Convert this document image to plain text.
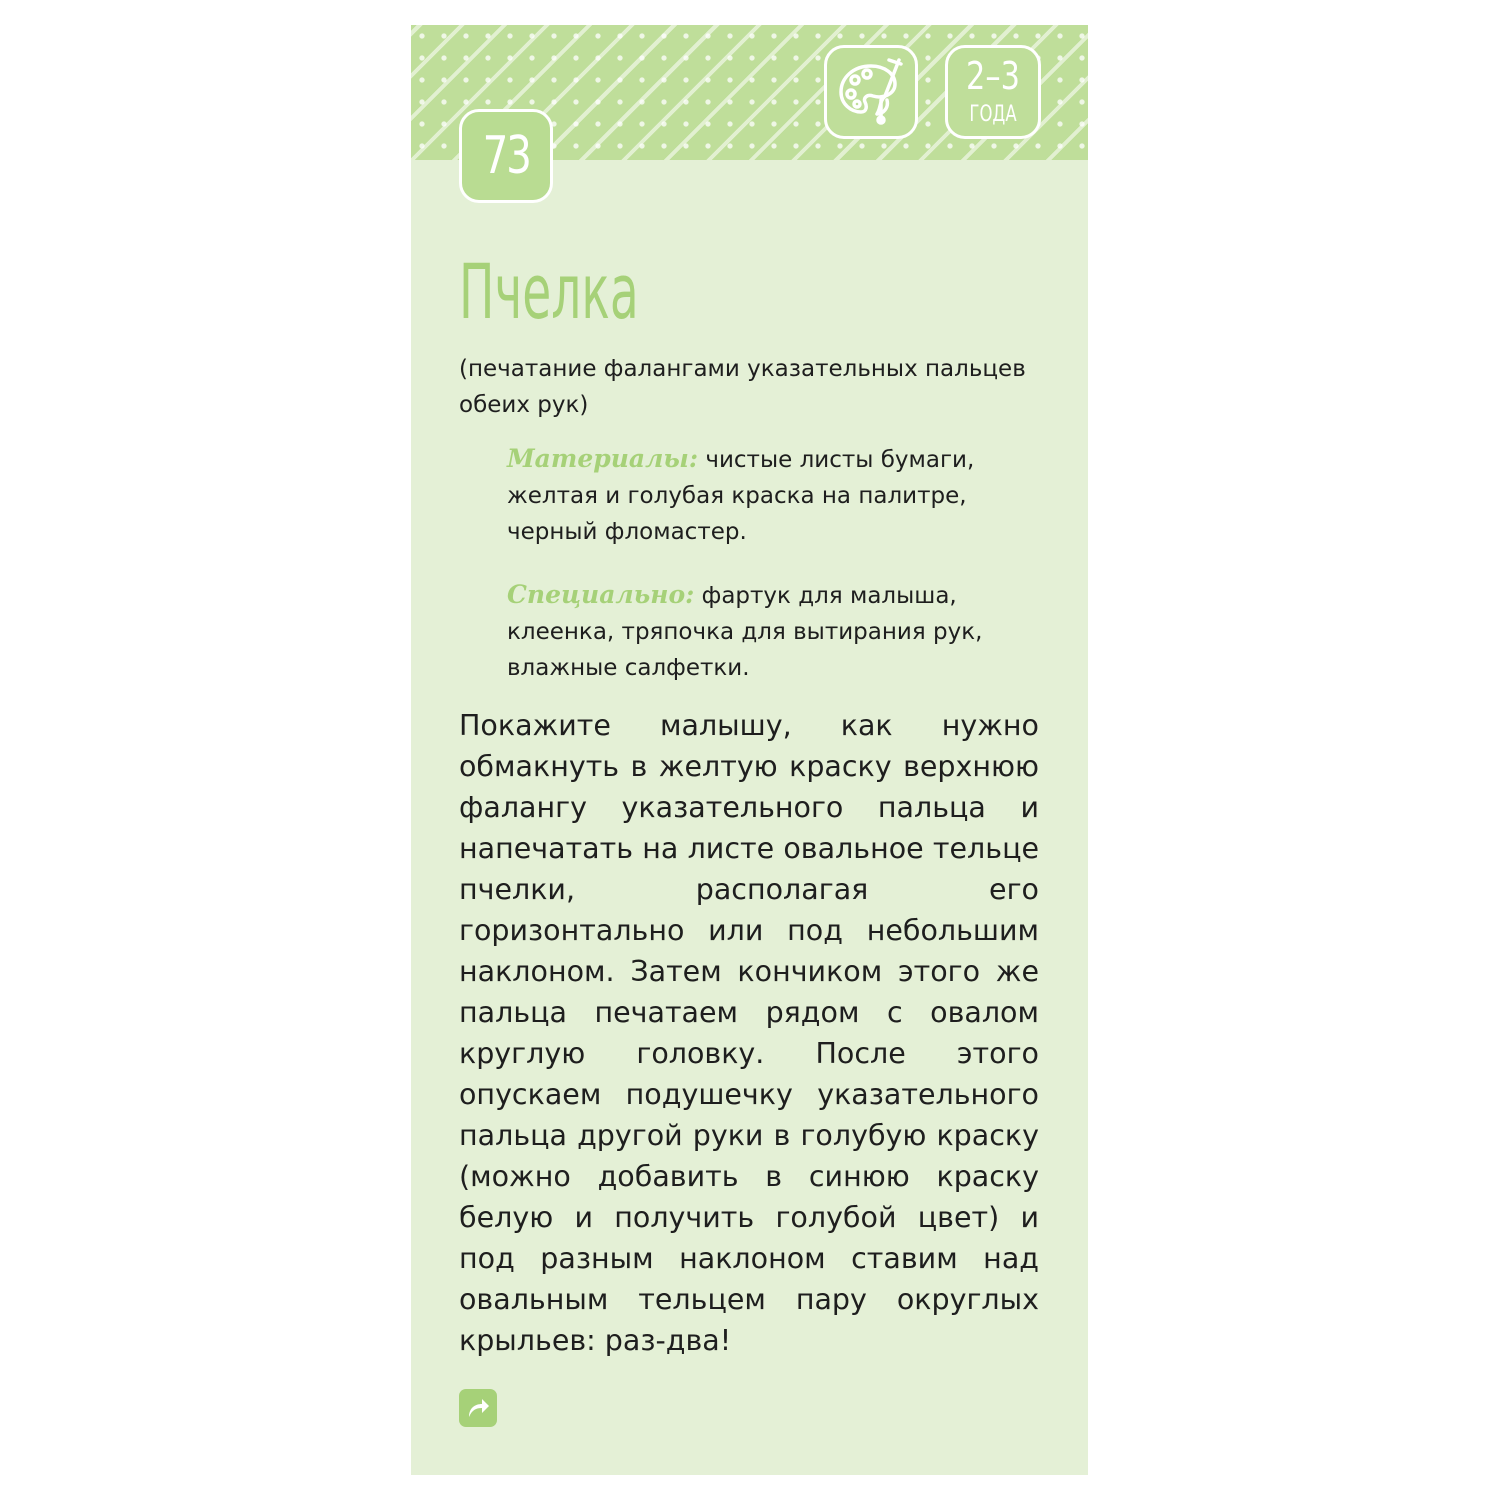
2–3
ГОДА
73
Пчелка
(печатание фалангами указательных пальцев обеих рук)
Материалы: чистые листы бумаги, желтая и голубая краска на палитре, черный фломастер.
Специально: фартук для малыша, клеенка, тряпочка для вытирания рук, влажные салфетки.
Покажите малышу, как нужно обмакнуть в желтую краску верхнюю фалангу указательного пальца и напечатать на листе овальное тельце пчелки, располагая его горизонтально или под небольшим наклоном. Затем кончиком этого же пальца печатаем рядом с овалом круглую головку. После этого опускаем подушечку указательного пальца другой руки в голубую краску (можно добавить в синюю краску белую и получить голубой цвет) и под разным наклоном ставим над овальным тельцем пару округлых крыльев: раз-два!
